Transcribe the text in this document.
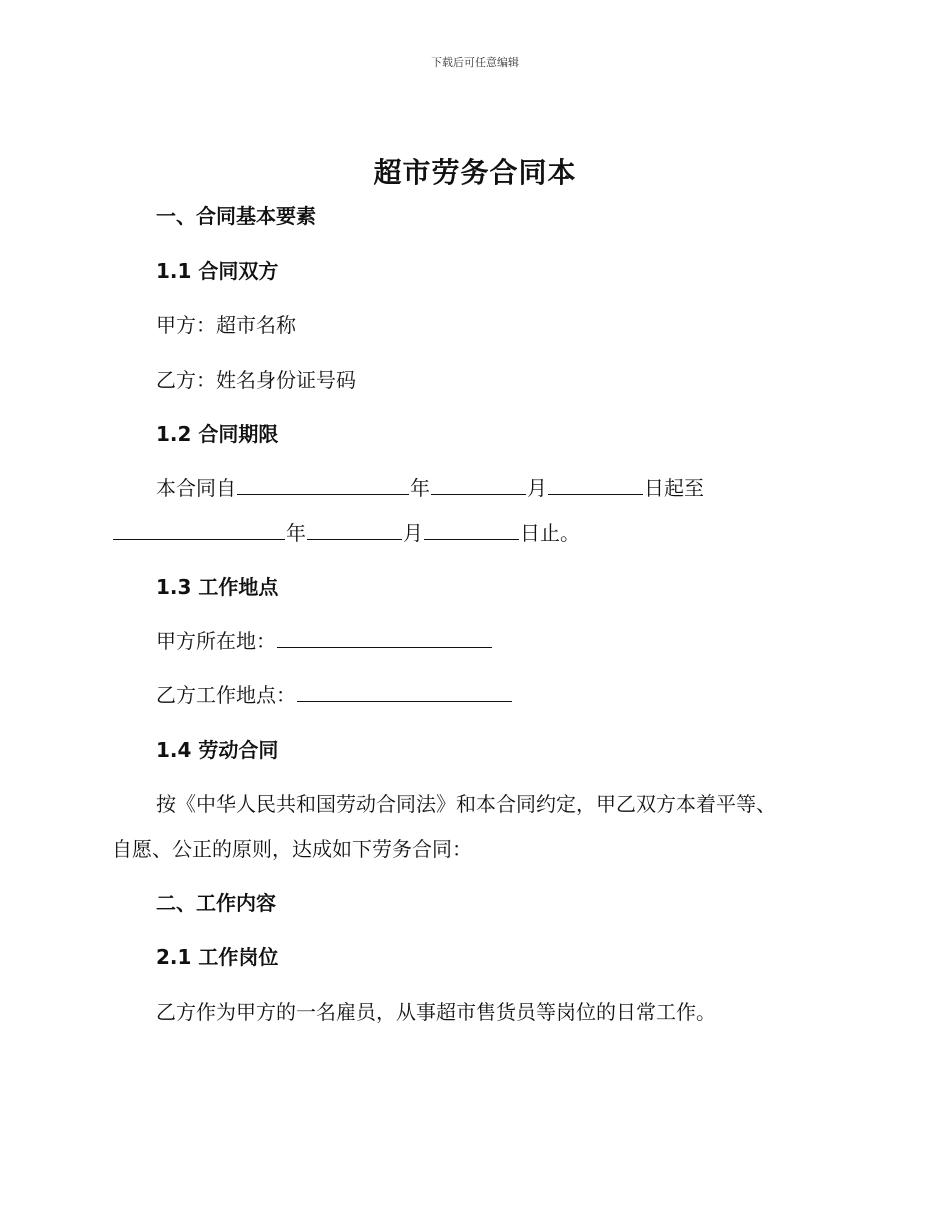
下载后可任意编辑
超市劳务合同本
一、合同基本要素
1.1 合同双方
甲方：超市名称
乙方：姓名身份证号码
1.2 合同期限
本合同自	年	月	日起至
年	月	日止。
1.3 工作地点
甲方所在地：
乙方工作地点：
1.4 劳动合同
按《中华人民共和国劳动合同法》和本合同约定，甲乙双方本着平等、
自愿、公正的原则，达成如下劳务合同：
二、工作内容
2.1 工作岗位
乙方作为甲方的一名雇员，从事超市售货员等岗位的日常工作。
